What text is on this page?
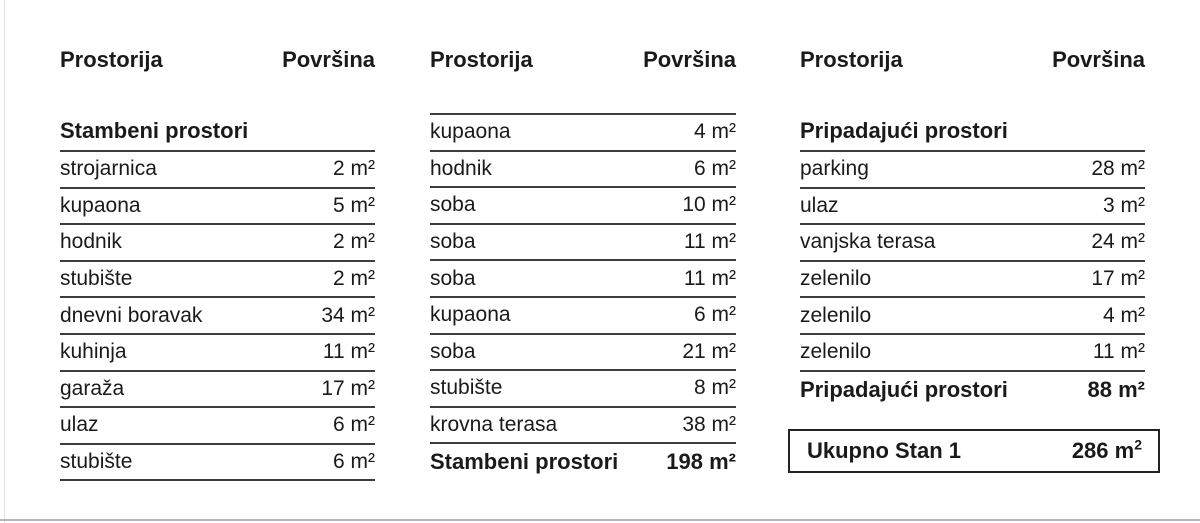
Prostorija	Površina
Stambeni prostori
strojarnica	2 m²
kupaona	5 m²
hodnik	2 m²
stubište	2 m²
dnevni boravak	34 m²
kuhinja	11 m²
garaža	17 m²
ulaz	6 m²
stubište	6 m²
Prostorija	Površina
kupaona	4 m²
hodnik	6 m²
soba	10 m²
soba	11 m²
soba	11 m²
kupaona	6 m²
soba	21 m²
stubište	8 m²
krovna terasa	38 m²
Stambeni prostori 198 m²
Prostorija	Površina
Pripadajući prostori
parking	28 m²
ulaz	3 m²
vanjska terasa	24 m²
zelenilo	17 m²
zelenilo	4 m²
zelenilo	11 m²
Pripadajući prostori	88 m²
Ukupno Stan 1	286 $m^2$
